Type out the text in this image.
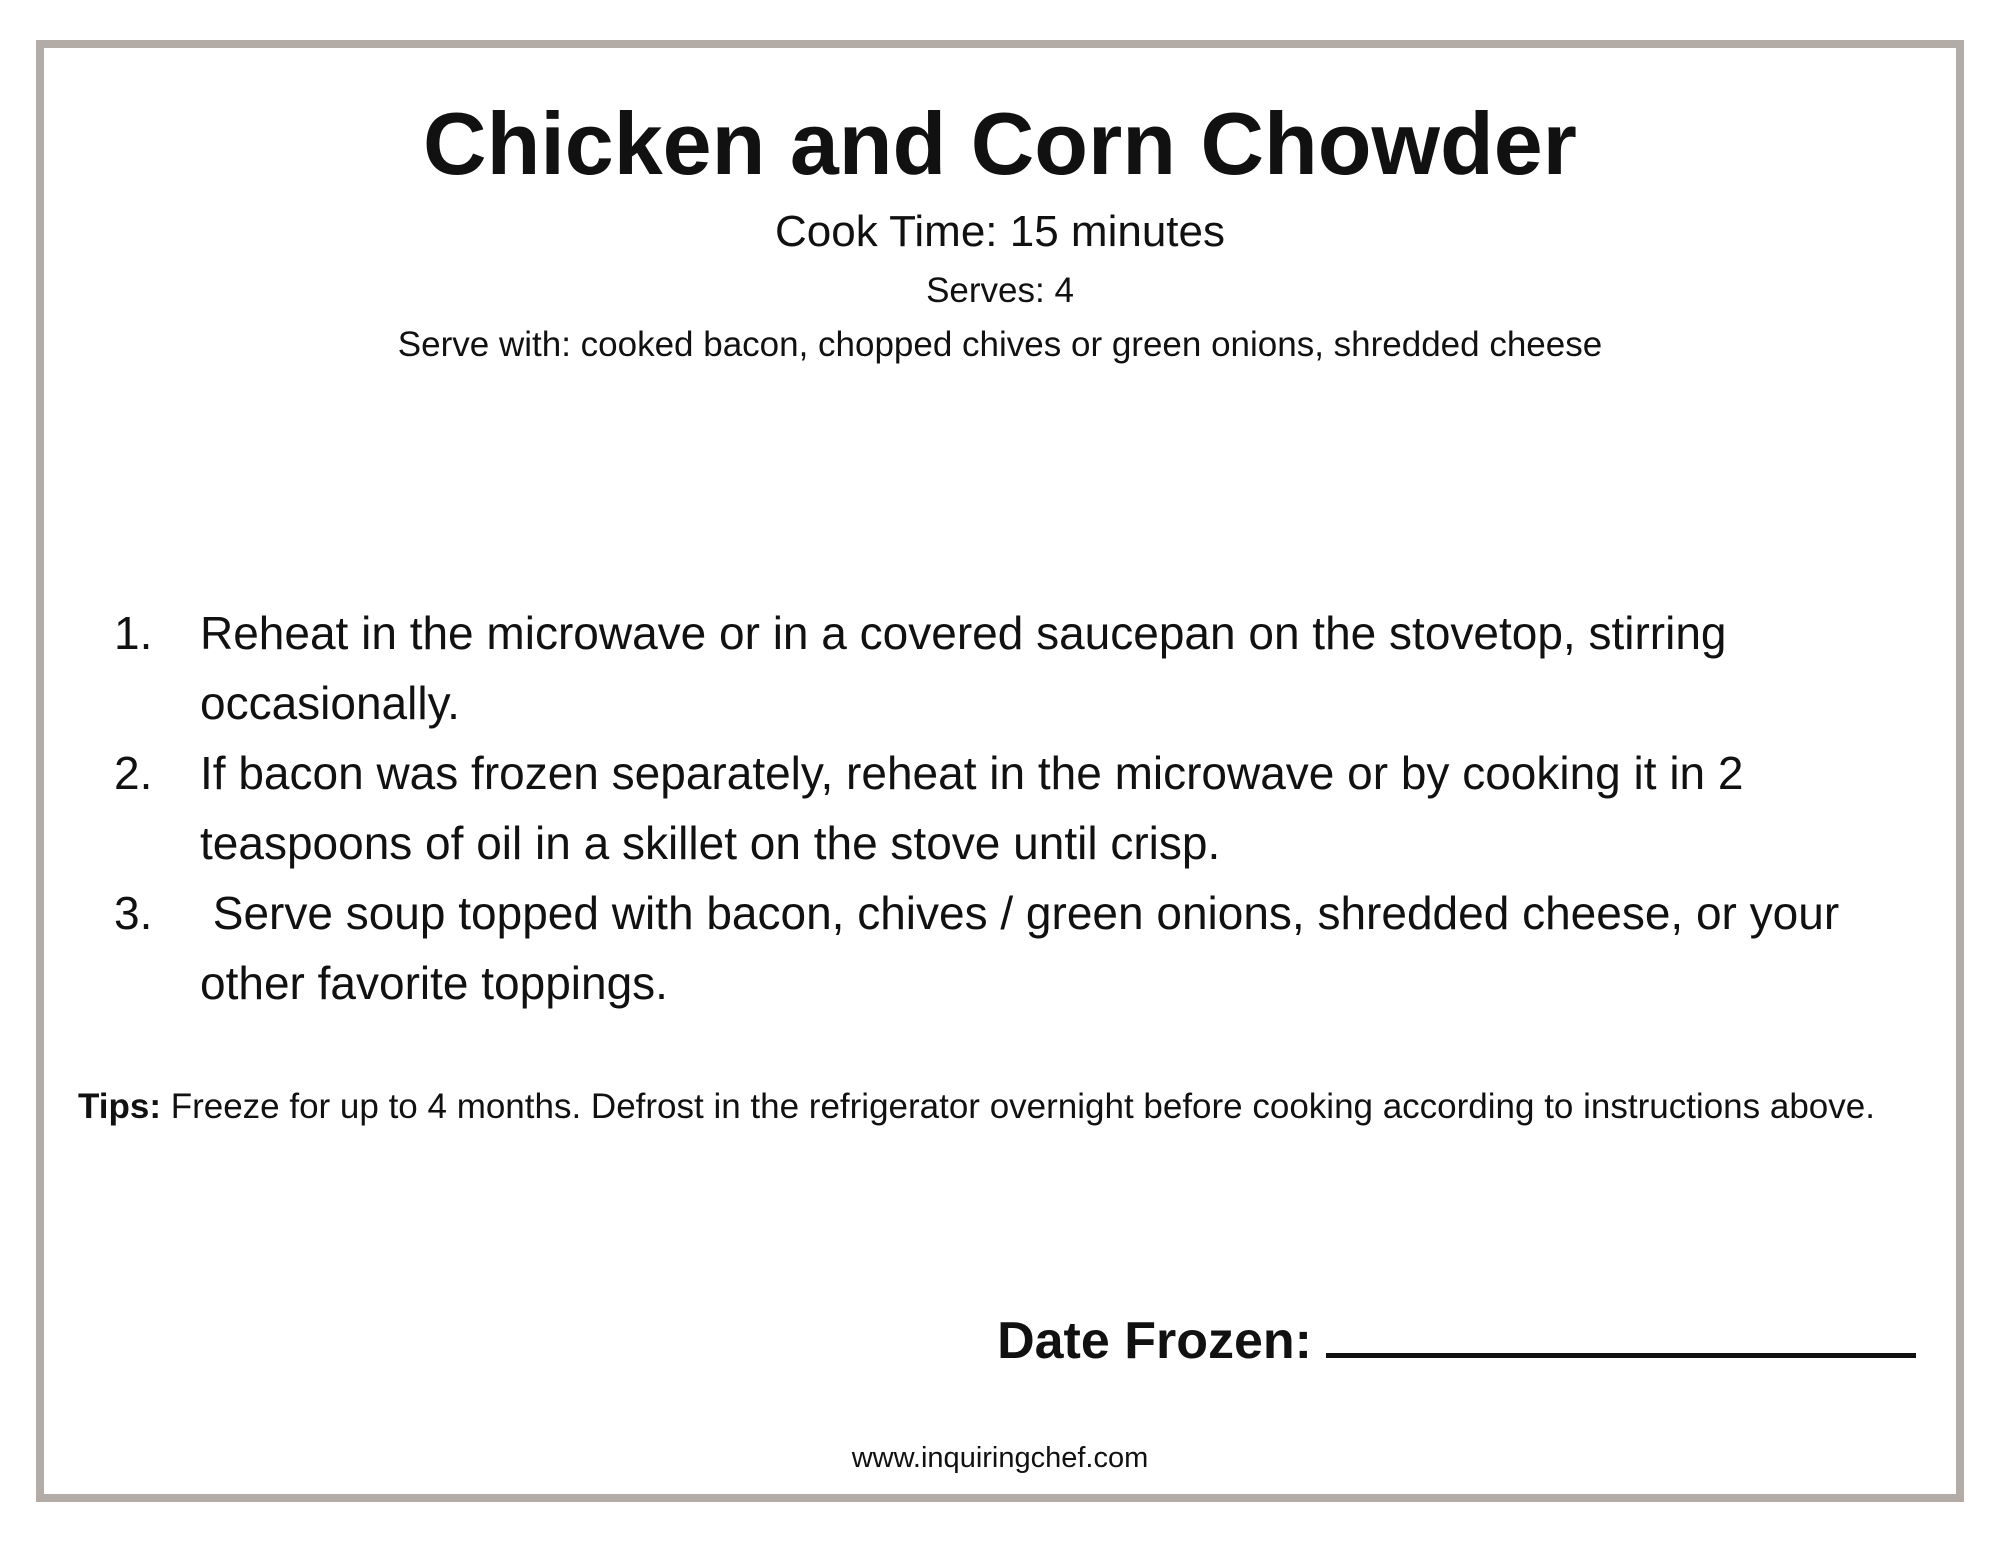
Chicken and Corn Chowder
Cook Time: 15 minutes
Serves: 4
Serve with: cooked bacon, chopped chives or green onions, shredded cheese
1.	Reheat in the microwave or in a covered saucepan on the stovetop, stirring occasionally.
2.	If bacon was frozen separately, reheat in the microwave or by cooking it in 2 teaspoons of oil in a skillet on the stove until crisp.
3.	Serve soup topped with bacon, chives / green onions, shredded cheese, or your other favorite toppings.
Tips: Freeze for up to 4 months. Defrost in the refrigerator overnight before cooking according to instructions above.
Date Frozen:
www.inquiringchef.com
